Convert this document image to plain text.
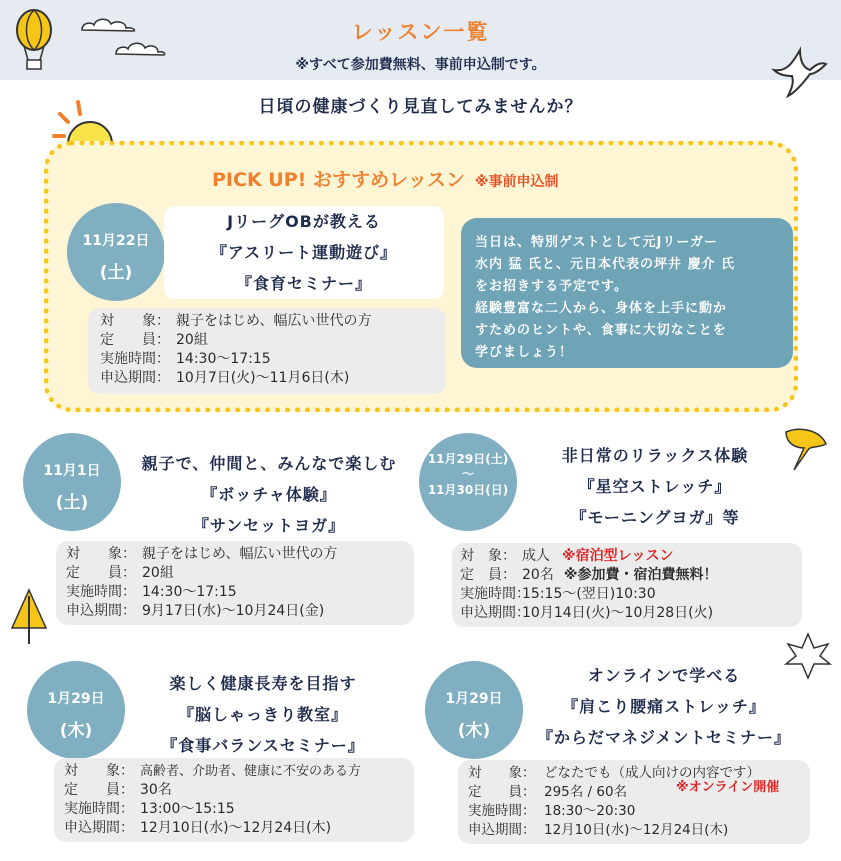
レッスン一覧
※すべて参加費無料、事前申込制です。
日頃の健康づくり見直してみませんか？
PICK UP! おすすめレッスン ※事前申込制
11月22日
(土)
対　　象： 親子をはじめ、幅広い世代の方
定　　員： 20組
実施時間： 14:30〜17:15
申込期間： 10月7日(火)〜11月6日(木)
JリーグOBが教える
『アスリート運動遊び』
『食育セミナー』
当日は、特別ゲストとして元Jリーガー
水内 猛 氏と、元日本代表の坪井 慶介 氏
をお招きする予定です。
経験豊富な二人から、身体を上手に動か
すためのヒントや、食事に大切なことを
学びましょう！
11月1日
(土)
親子で、仲間と、みんなで楽しむ
『ボッチャ体験』
『サンセットヨガ』
対　　象： 親子をはじめ、幅広い世代の方
定　　員： 20組
実施時間： 14:30〜17:15
申込期間： 9月17日(水)〜10月24日(金)
11月29日(土)
〜
11月30日(日)
非日常のリラックス体験
『星空ストレッチ』
『モーニングヨガ』等
対　象： 成人 ※宿泊型レッスン
定　員： 20名 ※参加費・宿泊費無料！
実施時間：15:15〜(翌日)10:30
申込期間：10月14日(火)〜10月28日(火)
1月29日
(木)
楽しく健康長寿を目指す
『脳しゃっきり教室』
『食事バランスセミナー』
対　　象： 高齢者、介助者、健康に不安のある方
定　　員： 30名
実施時間： 13:00〜15:15
申込期間： 12月10日(水)〜12月24日(木)
1月29日
(木)
オンラインで学べる
『肩こり腰痛ストレッチ』
『からだマネジメントセミナー』
対　　象： どなたでも（成人向けの内容です）
定　　員： 295名 / 60名
実施時間： 18:30〜20:30
申込期間： 12月10日(水)〜12月24日(木)
※オンライン開催
